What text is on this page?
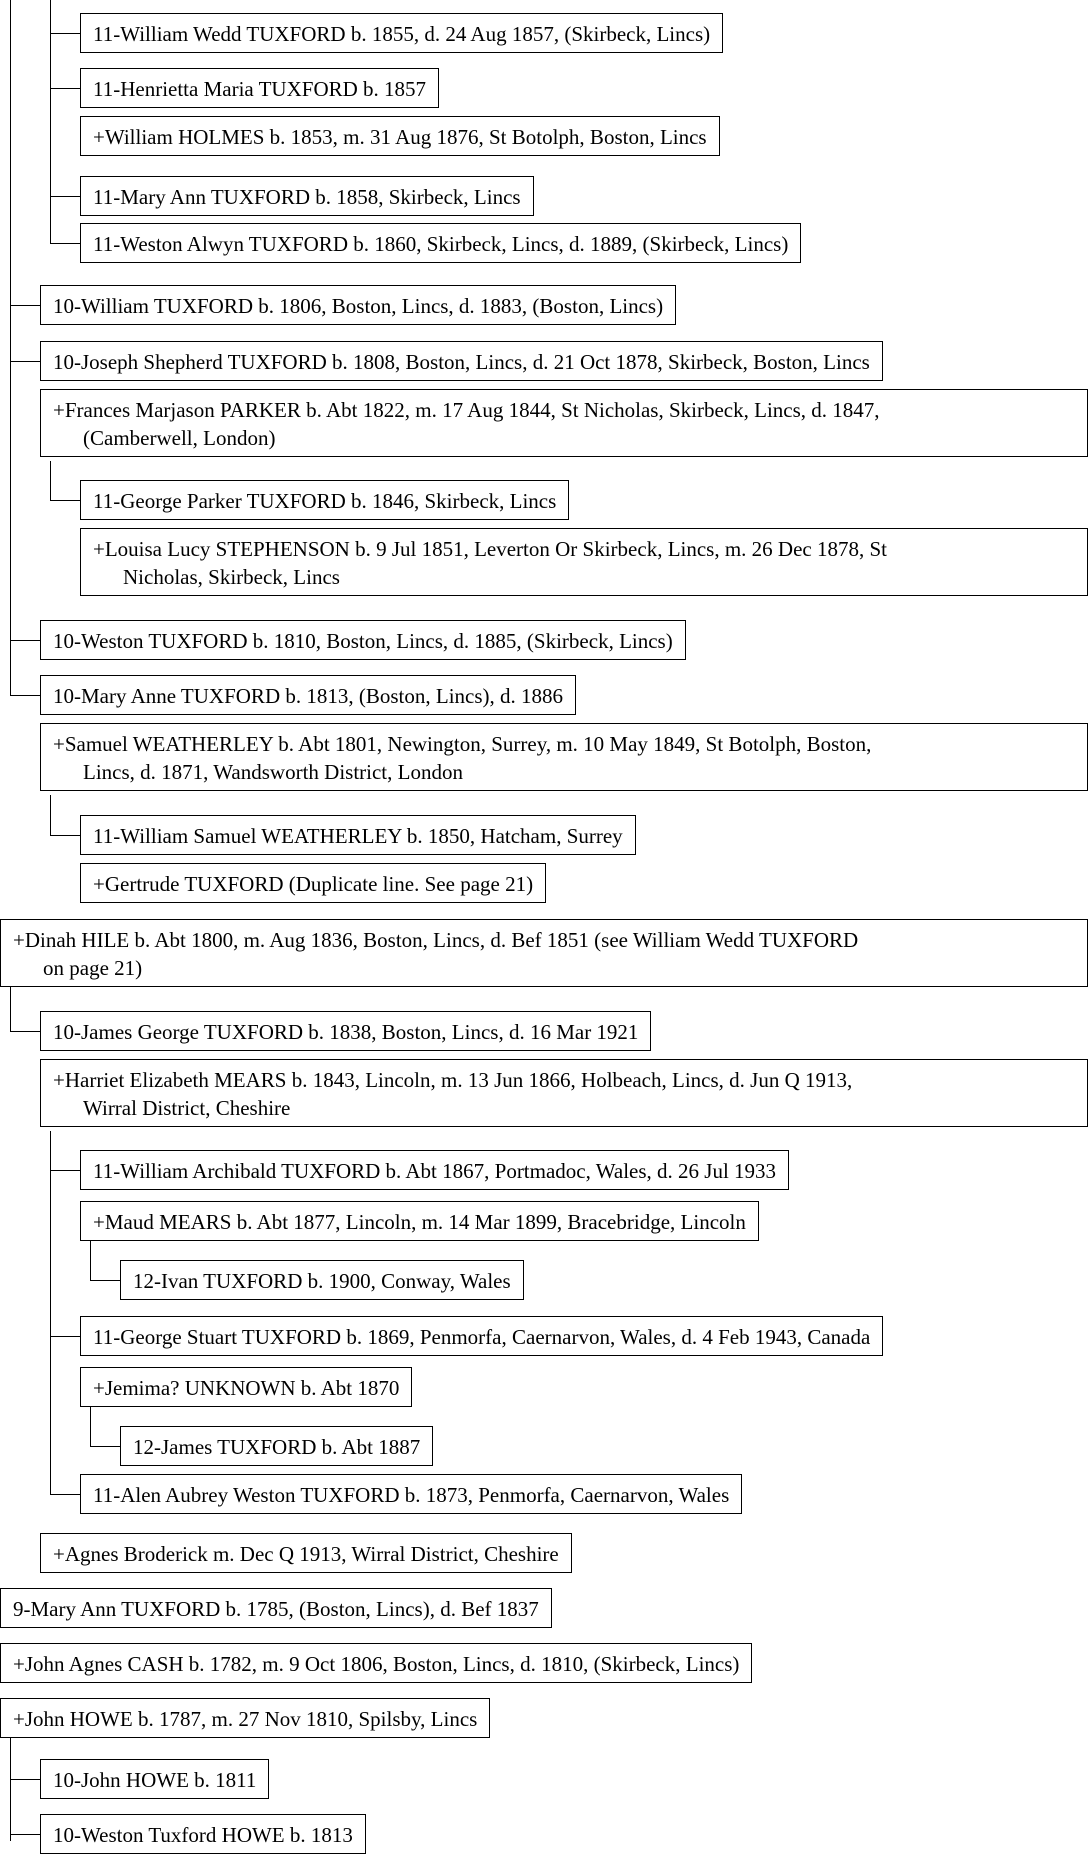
11-William Wedd TUXFORD b. 1855, d. 24 Aug 1857, (Skirbeck, Lincs)
11-Henrietta Maria TUXFORD b. 1857
+William HOLMES b. 1853, m. 31 Aug 1876, St Botolph, Boston, Lincs
11-Mary Ann TUXFORD b. 1858, Skirbeck, Lincs
11-Weston Alwyn TUXFORD b. 1860, Skirbeck, Lincs, d. 1889, (Skirbeck, Lincs)
10-William TUXFORD b. 1806, Boston, Lincs, d. 1883, (Boston, Lincs)
10-Joseph Shepherd TUXFORD b. 1808, Boston, Lincs, d. 21 Oct 1878, Skirbeck, Boston, Lincs
+Frances Marjason PARKER b. Abt 1822, m. 17 Aug 1844, St Nicholas, Skirbeck, Lincs, d. 1847,
(Camberwell, London)
11-George Parker TUXFORD b. 1846, Skirbeck, Lincs
+Louisa Lucy STEPHENSON b. 9 Jul 1851, Leverton Or Skirbeck, Lincs, m. 26 Dec 1878, St
Nicholas, Skirbeck, Lincs
10-Weston TUXFORD b. 1810, Boston, Lincs, d. 1885, (Skirbeck, Lincs)
10-Mary Anne TUXFORD b. 1813, (Boston, Lincs), d. 1886
+Samuel WEATHERLEY b. Abt 1801, Newington, Surrey, m. 10 May 1849, St Botolph, Boston,
Lincs, d. 1871, Wandsworth District, London
11-William Samuel WEATHERLEY b. 1850, Hatcham, Surrey
+Gertrude TUXFORD (Duplicate line. See page 21)
+Dinah HILE b. Abt 1800, m. Aug 1836, Boston, Lincs, d. Bef 1851 (see William Wedd TUXFORD
on page 21)
10-James George TUXFORD b. 1838, Boston, Lincs, d. 16 Mar 1921
+Harriet Elizabeth MEARS b. 1843, Lincoln, m. 13 Jun 1866, Holbeach, Lincs, d. Jun Q 1913,
Wirral District, Cheshire
11-William Archibald TUXFORD b. Abt 1867, Portmadoc, Wales, d. 26 Jul 1933
+Maud MEARS b. Abt 1877, Lincoln, m. 14 Mar 1899, Bracebridge, Lincoln
12-Ivan TUXFORD b. 1900, Conway, Wales
11-George Stuart TUXFORD b. 1869, Penmorfa, Caernarvon, Wales, d. 4 Feb 1943, Canada
+Jemima? UNKNOWN b. Abt 1870
12-James TUXFORD b. Abt 1887
11-Alen Aubrey Weston TUXFORD b. 1873, Penmorfa, Caernarvon, Wales
+Agnes Broderick m. Dec Q 1913, Wirral District, Cheshire
9-Mary Ann TUXFORD b. 1785, (Boston, Lincs), d. Bef 1837
+John Agnes CASH b. 1782, m. 9 Oct 1806, Boston, Lincs, d. 1810, (Skirbeck, Lincs)
+John HOWE b. 1787, m. 27 Nov 1810, Spilsby, Lincs
10-John HOWE b. 1811
10-Weston Tuxford HOWE b. 1813
